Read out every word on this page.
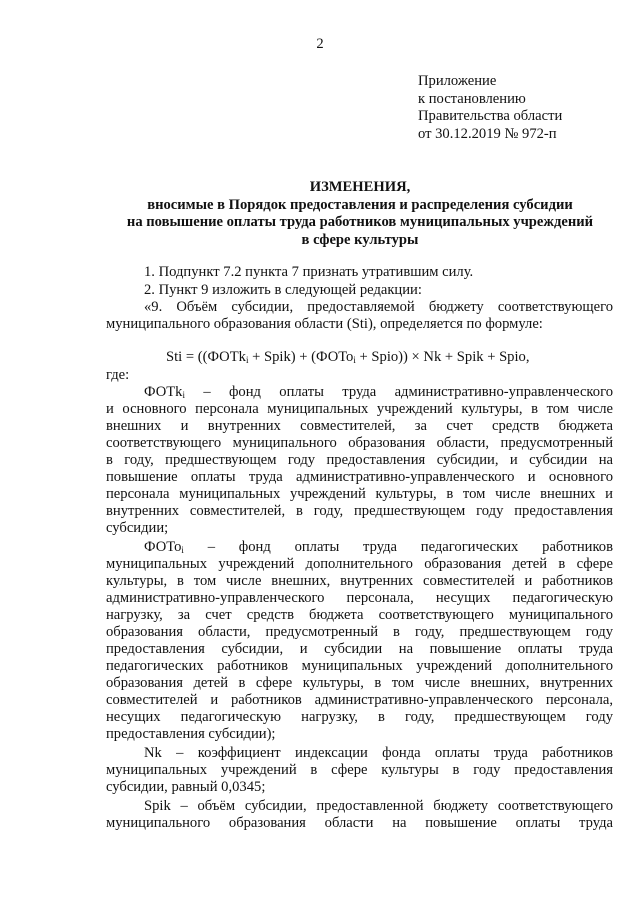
2
Приложение
к постановлению
Правительства области
от 30.12.2019 № 972-п
ИЗМЕНЕНИЯ,
вносимые в Порядок предоставления и распределения субсидии
на повышение оплаты труда работников муниципальных учреждений
в сфере культуры
1. Подпункт 7.2 пункта 7 признать утратившим силу.
2. Пункт 9 изложить в следующей редакции:
«9. Объём субсидии, предоставляемой бюджету соответствующего
муниципального образования области (Sti), определяется по формуле:
Sti = ((ФОТk$_i$ + Spik) + (ФОТо$_i$ + Spio)) × Nk + Spik + Spio,
где:
ФОТk$_i$ – фонд оплаты труда административно-управленческого
и основного персонала муниципальных учреждений культуры, в том числе
внешних и внутренних совместителей, за счет средств бюджета
соответствующего муниципального образования области, предусмотренный
в году, предшествующем году предоставления субсидии, и субсидии на
повышение оплаты труда административно-управленческого и основного
персонала муниципальных учреждений культуры, в том числе внешних и
внутренних совместителей, в году, предшествующем году предоставления
субсидии;
ФОТо$_i$ – фонд оплаты труда педагогических работников
муниципальных учреждений дополнительного образования детей в сфере
культуры, в том числе внешних, внутренних совместителей и работников
административно-управленческого персонала, несущих педагогическую
нагрузку, за счет средств бюджета соответствующего муниципального
образования области, предусмотренный в году, предшествующем году
предоставления субсидии, и субсидии на повышение оплаты труда
педагогических работников муниципальных учреждений дополнительного
образования детей в сфере культуры, в том числе внешних, внутренних
совместителей и работников административно-управленческого персонала,
несущих педагогическую нагрузку, в году, предшествующем году
предоставления субсидии);
Nk – коэффициент индексации фонда оплаты труда работников
муниципальных учреждений в сфере культуры в году предоставления
субсидии, равный 0,0345;
Spik – объём субсидии, предоставленной бюджету соответствующего
муниципального образования области на повышение оплаты труда
